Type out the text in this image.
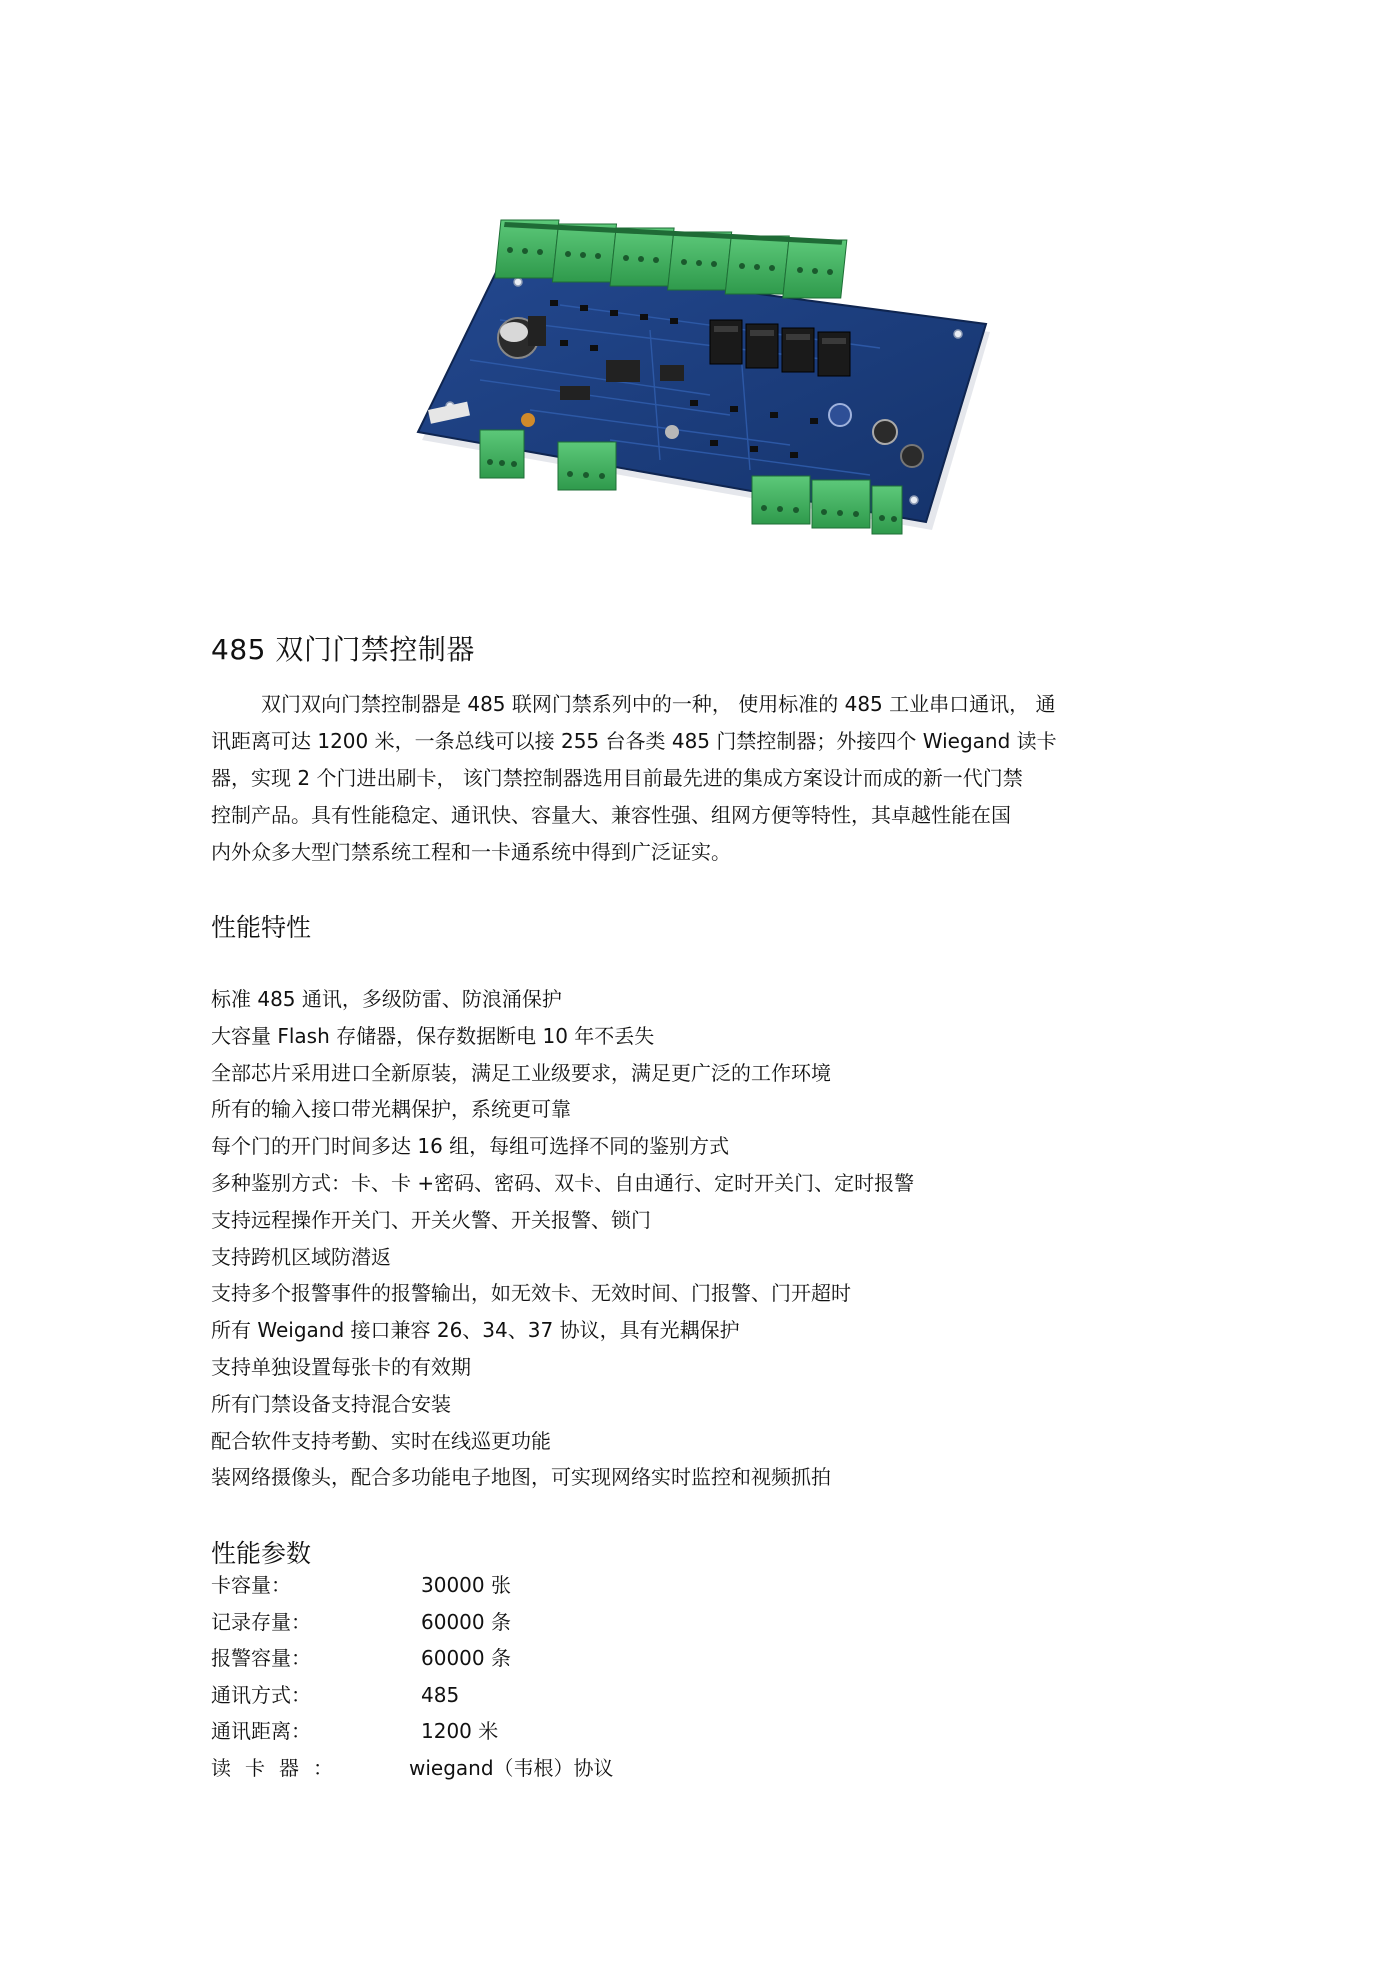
485 双门门禁控制器
双门双向门禁控制器是 485 联网门禁系列中的一种， 使用标准的 485 工业串口通讯， 通
讯距离可达 1200 米，一条总线可以接 255 台各类 485 门禁控制器；外接四个 Wiegand 读卡
器，实现 2 个门进出刷卡， 该门禁控制器选用目前最先进的集成方案设计而成的新一代门禁
控制产品。具有性能稳定、通讯快、容量大、兼容性强、组网方便等特性，其卓越性能在国
内外众多大型门禁系统工程和一卡通系统中得到广泛证实。
性能特性
标准 485 通讯，多级防雷、防浪涌保护
大容量 Flash 存储器，保存数据断电 10 年不丢失
全部芯片采用进口全新原装，满足工业级要求，满足更广泛的工作环境
所有的输入接口带光耦保护，系统更可靠
每个门的开门时间多达 16 组，每组可选择不同的鉴别方式
多种鉴别方式：卡、卡 +密码、密码、双卡、自由通行、定时开关门、定时报警
支持远程操作开关门、开关火警、开关报警、锁门
支持跨机区域防潜返
支持多个报警事件的报警输出，如无效卡、无效时间、门报警、门开超时
所有 Weigand 接口兼容 26、34、37 协议，具有光耦保护
支持单独设置每张卡的有效期
所有门禁设备支持混合安装
配合软件支持考勤、实时在线巡更功能
装网络摄像头，配合多功能电子地图，可实现网络实时监控和视频抓拍
性能参数
卡容量：	30000 张
记录存量：	60000 条
报警容量：	60000 条
通讯方式：	485
通讯距离：	1200 米
读卡器：	wiegand（韦根）协议
